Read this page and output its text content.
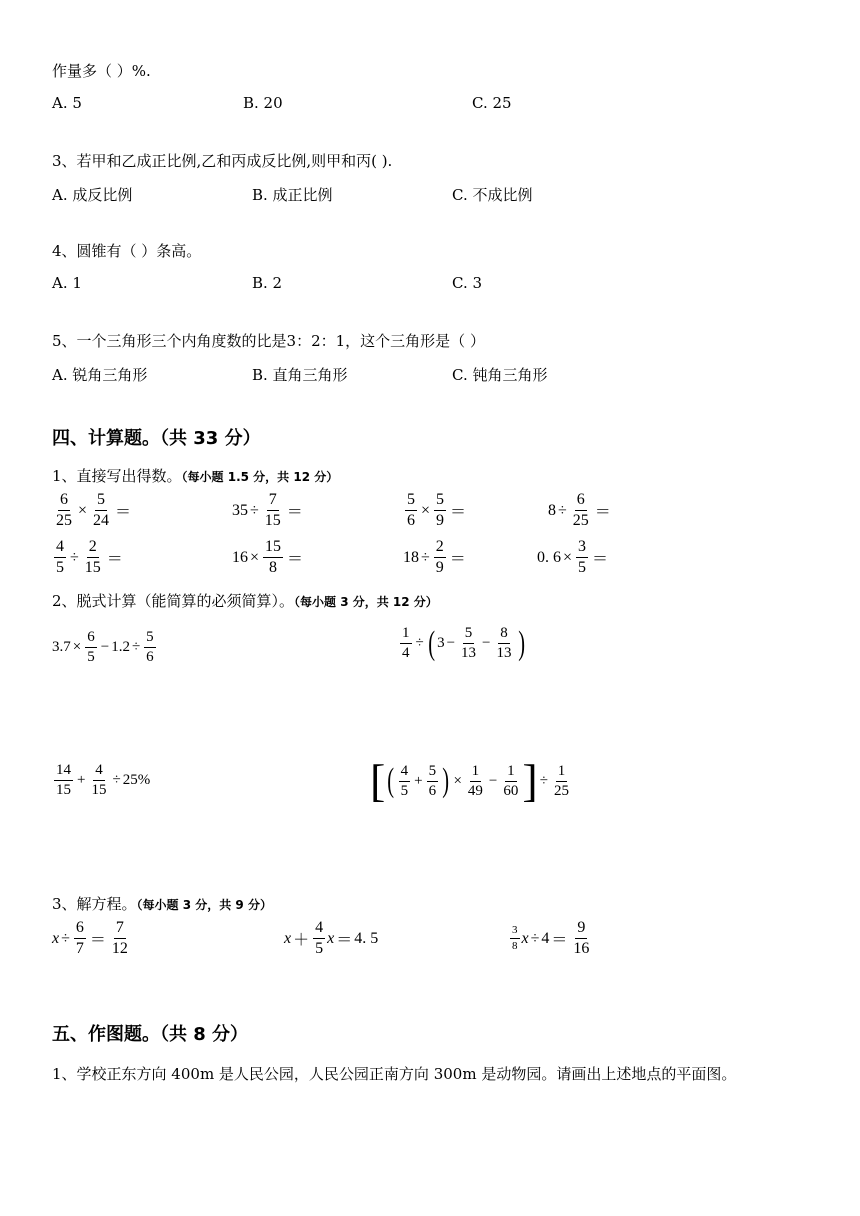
作量多（ ）%.
A. 5	B. 20	C. 25
3、若甲和乙成正比例,乙和丙成反比例,则甲和丙( ).
A. 成反比例	B. 成正比例	C. 不成比例
4、圆锥有（ ）条高。
A. 1	B. 2	C. 3
5、一个三角形三个内角度数的比是3：2：1，这个三角形是（ ）
A. 锐角三角形	B. 直角三角形	C. 钝角三角形
四、计算题。（共 33 分）
1、直接写出得数。（每小题 1.5 分，共 12 分）
$\frac{6}{25} \times \frac{5}{24}$ ＝	$35 \div \frac{7}{15}$ ＝	$\frac{5}{6} \times \frac{5}{9}$ ＝	$8 \div \frac{6}{25}$ ＝
$\frac{4}{5} \div \frac{2}{15}$ ＝	$16 \times \frac{15}{8}$ ＝	$18 \div \frac{2}{9}$ ＝	0. $6 \times \frac{3}{5}$ ＝
2、脱式计算（能简算的必须简算）。（每小题 3 分，共 12 分）
$3.7 \times \frac{6}{5} - 1.2 \div \frac{5}{6}$	$\frac{1}{4}$ ÷ ( $3 - \frac{5}{13} - \frac{8}{13}$ )
$\frac{14}{15} + \frac{4}{15} \div 25\%$	[ ( $\frac{4}{5} + \frac{5}{6}$ ) × $\frac{1}{49} - \frac{1}{60}$ ] ÷ $\frac{1}{25}$
3、解方程。（每小题 3 分，共 9 分）
$x \div \frac{6}{7} = \frac{7}{12}$	$x + \frac{4}{5}$ x ＝ 4. 5	$\frac{3}{8}$ $x \div 4 = \frac{9}{16}$
五、作图题。（共 8 分）
1、学校正东方向 400m 是人民公园，人民公园正南方向 300m 是动物园。请画出上述地点的平面图。
